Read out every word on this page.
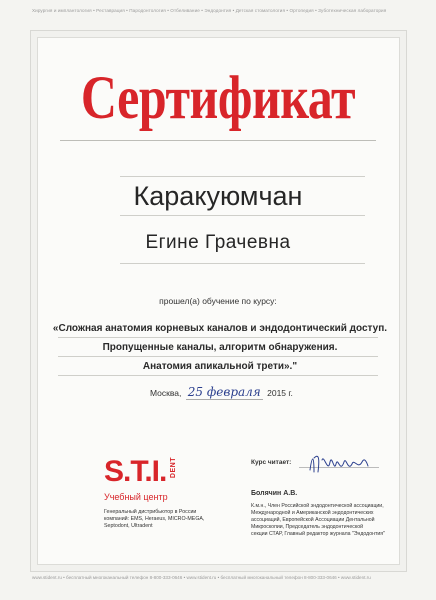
Хирургия и имплантология • Реставрация • Пародонтология • Отбеливание • Эндодонтия • Детская стоматология • Ортопедия • Зуботехническая лаборатория
Сертификат
Каракуюмчан
Егине Грачевна
прошел(а) обучение по курсу:
«Сложная анатомия корневых каналов и эндодонтический доступ.
Пропущенные каналы, алгоритм обнаружения.
Анатомия апикальной трети»."
Москва, 25 февраля 2015 г.
S.T.I. DENT
Учебный центр
Генеральный дистрибьютор в России
компаний: EMS, Heraeus, MICRO-MEGA,
Septodont, Ultradent
Курс читает:
Болячин А.В.
К.м.н., Член Российской эндодонтической ассоциации,
Международной и Американской эндодонтических
ассоциаций, Европейской Ассоциации Дентальной
Микроскопии, Председатель эндодонтической
секции СТАР, Главный редактор журнала "Эндодонтия"
www.stident.ru • бесплатный многоканальный телефон 8-800-333-0646 • www.stident.ru • бесплатный многоканальный телефон 8-800-333-0646 • www.stident.ru
